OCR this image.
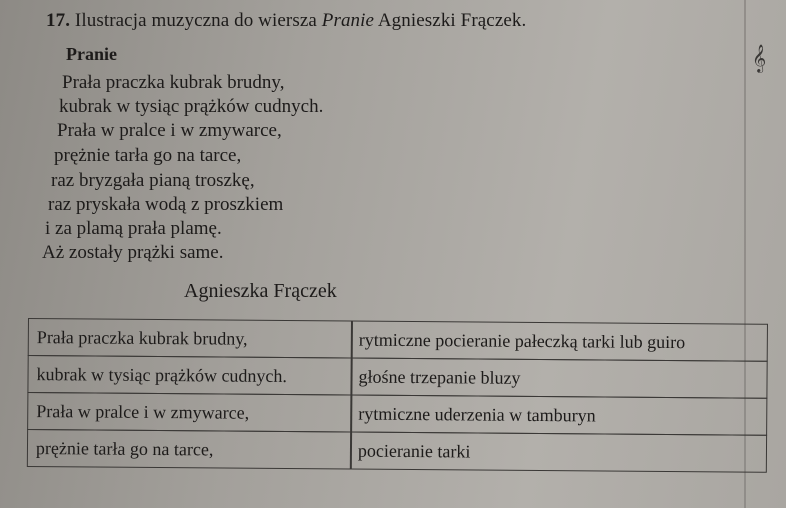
𝄞
17. Ilustracja muzyczna do wiersza Pranie Agnieszki Frączek.
Pranie
Prała praczka kubrak brudny,
kubrak w tysiąc prążków cudnych.
Prała w pralce i w zmywarce,
prężnie tarła go na tarce,
raz bryzgała pianą troszkę,
raz pryskała wodą z proszkiem
i za plamą prała plamę.
Aż zostały prążki same.
Agnieszka Frączek
Prała praczka kubrak brudny,	rytmiczne pocieranie pałeczką tarki lub guiro
kubrak w tysiąc prążków cudnych.	głośne trzepanie bluzy
Prała w pralce i w zmywarce,	rytmiczne uderzenia w tamburyn
prężnie tarła go na tarce,	pocieranie tarki
